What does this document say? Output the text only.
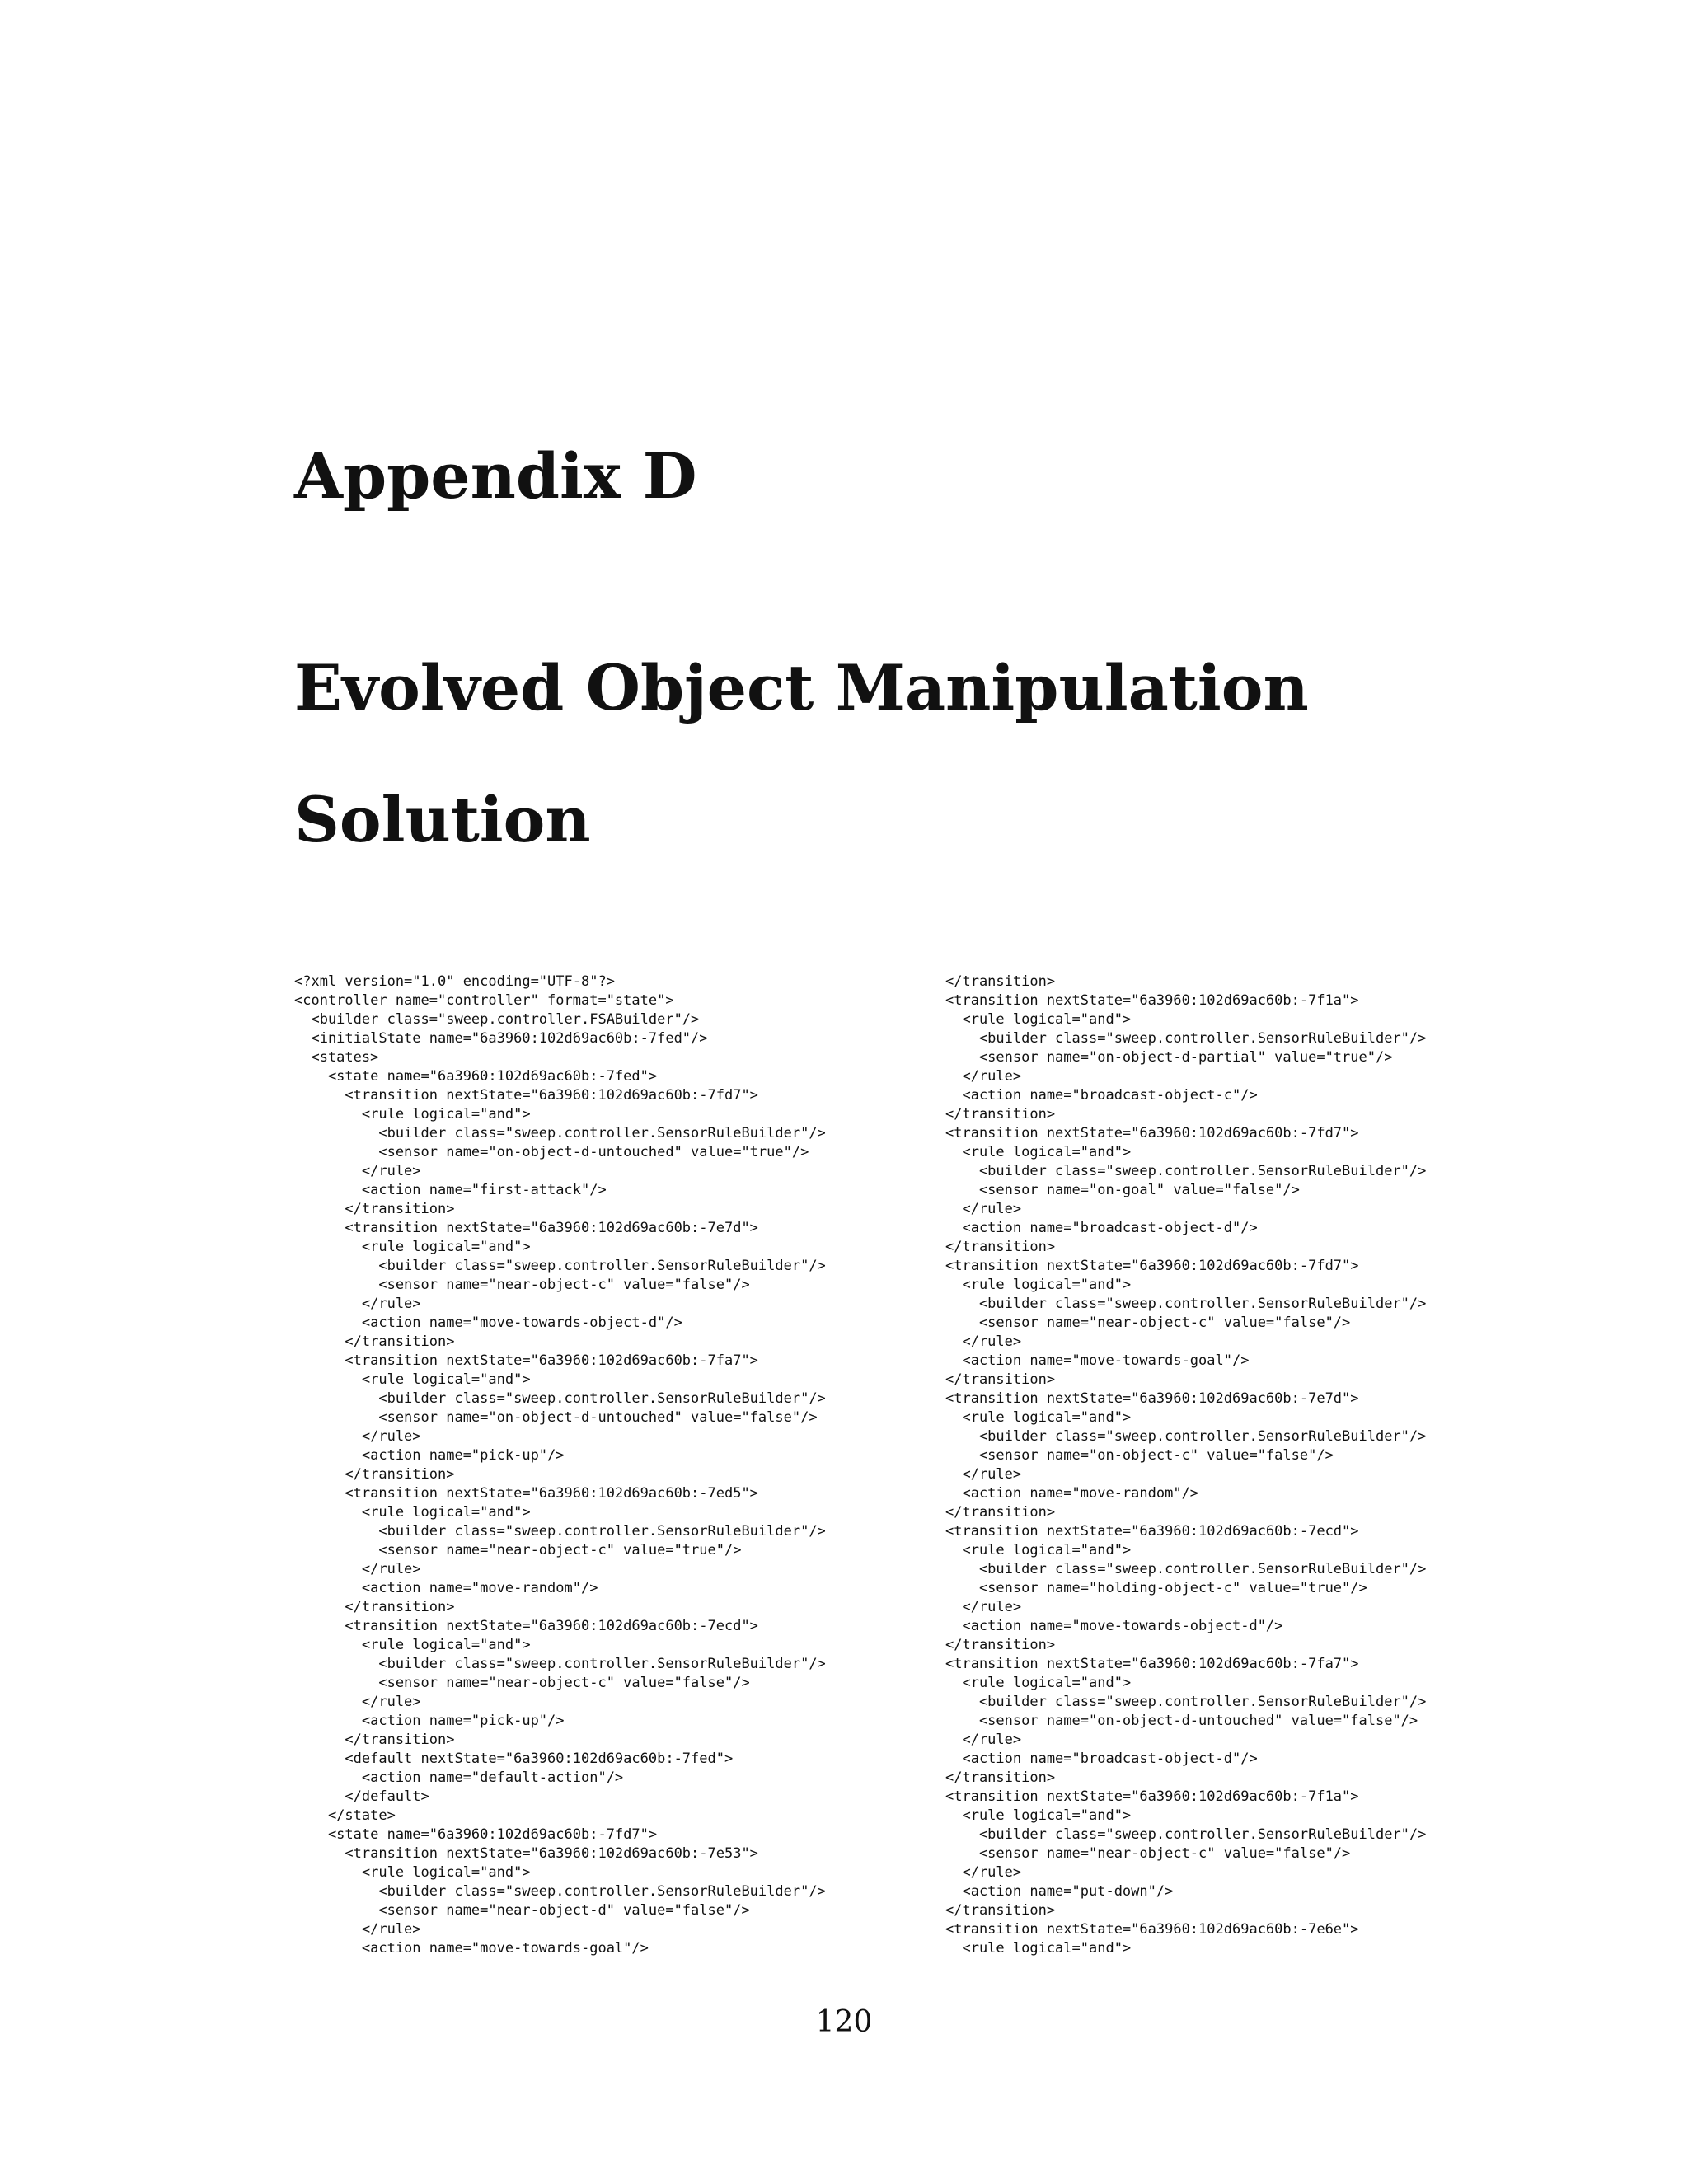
Appendix D
Evolved Object Manipulation
Solution
<?xml version="1.0" encoding="UTF-8"?>
<controller name="controller" format="state">
<builder class="sweep.controller.FSABuilder"/>
<initialState name="6a3960:102d69ac60b:-7fed"/>
<states>
<state name="6a3960:102d69ac60b:-7fed">
<transition nextState="6a3960:102d69ac60b:-7fd7">
<rule logical="and">
<builder class="sweep.controller.SensorRuleBuilder"/>
<sensor name="on-object-d-untouched" value="true"/>
</rule>
<action name="first-attack"/>
</transition>
<transition nextState="6a3960:102d69ac60b:-7e7d">
<rule logical="and">
<builder class="sweep.controller.SensorRuleBuilder"/>
<sensor name="near-object-c" value="false"/>
</rule>
<action name="move-towards-object-d"/>
</transition>
<transition nextState="6a3960:102d69ac60b:-7fa7">
<rule logical="and">
<builder class="sweep.controller.SensorRuleBuilder"/>
<sensor name="on-object-d-untouched" value="false"/>
</rule>
<action name="pick-up"/>
</transition>
<transition nextState="6a3960:102d69ac60b:-7ed5">
<rule logical="and">
<builder class="sweep.controller.SensorRuleBuilder"/>
<sensor name="near-object-c" value="true"/>
</rule>
<action name="move-random"/>
</transition>
<transition nextState="6a3960:102d69ac60b:-7ecd">
<rule logical="and">
<builder class="sweep.controller.SensorRuleBuilder"/>
<sensor name="near-object-c" value="false"/>
</rule>
<action name="pick-up"/>
</transition>
<default nextState="6a3960:102d69ac60b:-7fed">
<action name="default-action"/>
</default>
</state>
<state name="6a3960:102d69ac60b:-7fd7">
<transition nextState="6a3960:102d69ac60b:-7e53">
<rule logical="and">
<builder class="sweep.controller.SensorRuleBuilder"/>
<sensor name="near-object-d" value="false"/>
</rule>
<action name="move-towards-goal"/>
</transition>
<transition nextState="6a3960:102d69ac60b:-7f1a">
<rule logical="and">
<builder class="sweep.controller.SensorRuleBuilder"/>
<sensor name="on-object-d-partial" value="true"/>
</rule>
<action name="broadcast-object-c"/>
</transition>
<transition nextState="6a3960:102d69ac60b:-7fd7">
<rule logical="and">
<builder class="sweep.controller.SensorRuleBuilder"/>
<sensor name="on-goal" value="false"/>
</rule>
<action name="broadcast-object-d"/>
</transition>
<transition nextState="6a3960:102d69ac60b:-7fd7">
<rule logical="and">
<builder class="sweep.controller.SensorRuleBuilder"/>
<sensor name="near-object-c" value="false"/>
</rule>
<action name="move-towards-goal"/>
</transition>
<transition nextState="6a3960:102d69ac60b:-7e7d">
<rule logical="and">
<builder class="sweep.controller.SensorRuleBuilder"/>
<sensor name="on-object-c" value="false"/>
</rule>
<action name="move-random"/>
</transition>
<transition nextState="6a3960:102d69ac60b:-7ecd">
<rule logical="and">
<builder class="sweep.controller.SensorRuleBuilder"/>
<sensor name="holding-object-c" value="true"/>
</rule>
<action name="move-towards-object-d"/>
</transition>
<transition nextState="6a3960:102d69ac60b:-7fa7">
<rule logical="and">
<builder class="sweep.controller.SensorRuleBuilder"/>
<sensor name="on-object-d-untouched" value="false"/>
</rule>
<action name="broadcast-object-d"/>
</transition>
<transition nextState="6a3960:102d69ac60b:-7f1a">
<rule logical="and">
<builder class="sweep.controller.SensorRuleBuilder"/>
<sensor name="near-object-c" value="false"/>
</rule>
<action name="put-down"/>
</transition>
<transition nextState="6a3960:102d69ac60b:-7e6e">
<rule logical="and">
120
